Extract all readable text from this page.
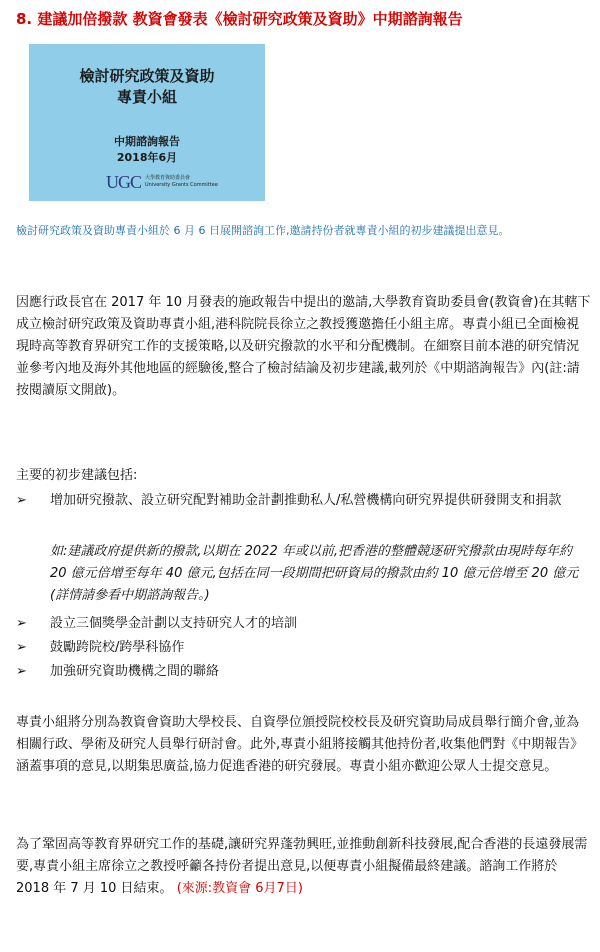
8. 建議加倍撥款 教資會發表《檢討研究政策及資助》中期諮詢報告
檢討研究政策及資助
專責小組
中期諮詢報告
2018年6月
UGC 大學教育資助委員會
University Grants Committee
檢討研究政策及資助專責小組於 6 月 6 日展開諮詢工作,邀請持份者就專責小組的初步建議提出意見。

因應行政長官在 2017 年 10 月發表的施政報告中提出的邀請,大學教育資助委員會(教資會)在其轄下成立檢討研究政策及資助專責小組,港科院院長徐立之教授獲邀擔任小組主席。專責小組已全面檢視現時高等教育界研究工作的支援策略,以及研究撥款的水平和分配機制。在細察目前本港的研究情況並參考內地及海外其他地區的經驗後,整合了檢討結論及初步建議,載列於《中期諮詢報告》內(註:請按閱讀原文開啟)。

主要的初步建議包括:
➢ 增加研究撥款、設立研究配對補助金計劃推動私人/私營機構向研究界提供研發開支和捐款
如:建議政府提供新的撥款,以期在 2022 年或以前,把香港的整體競逐研究撥款由現時每年約 20 億元倍增至每年 40 億元,包括在同一段期間把研資局的撥款由約 10 億元倍增至 20 億元(詳情請參看中期諮詢報告。)
➢ 設立三個獎學金計劃以支持研究人才的培訓
➢ 鼓勵跨院校/跨學科協作
➢ 加強研究資助機構之間的聯絡

專責小組將分別為教資會資助大學校長、自資學位頒授院校校長及研究資助局成員舉行簡介會,並為相關行政、學術及研究人員舉行研討會。此外,專責小組將接觸其他持份者,收集他們對《中期報告》涵蓋事項的意見,以期集思廣益,協力促進香港的研究發展。專責小組亦歡迎公眾人士提交意見。

為了鞏固高等教育界研究工作的基礎,讓研究界蓬勃興旺,並推動創新科技發展,配合香港的長遠發展需要,專責小組主席徐立之教授呼籲各持份者提出意見,以便專責小組擬備最終建議。諮詢工作將於 2018 年 7 月 10 日結束。 (來源:教資會 6月7日)
